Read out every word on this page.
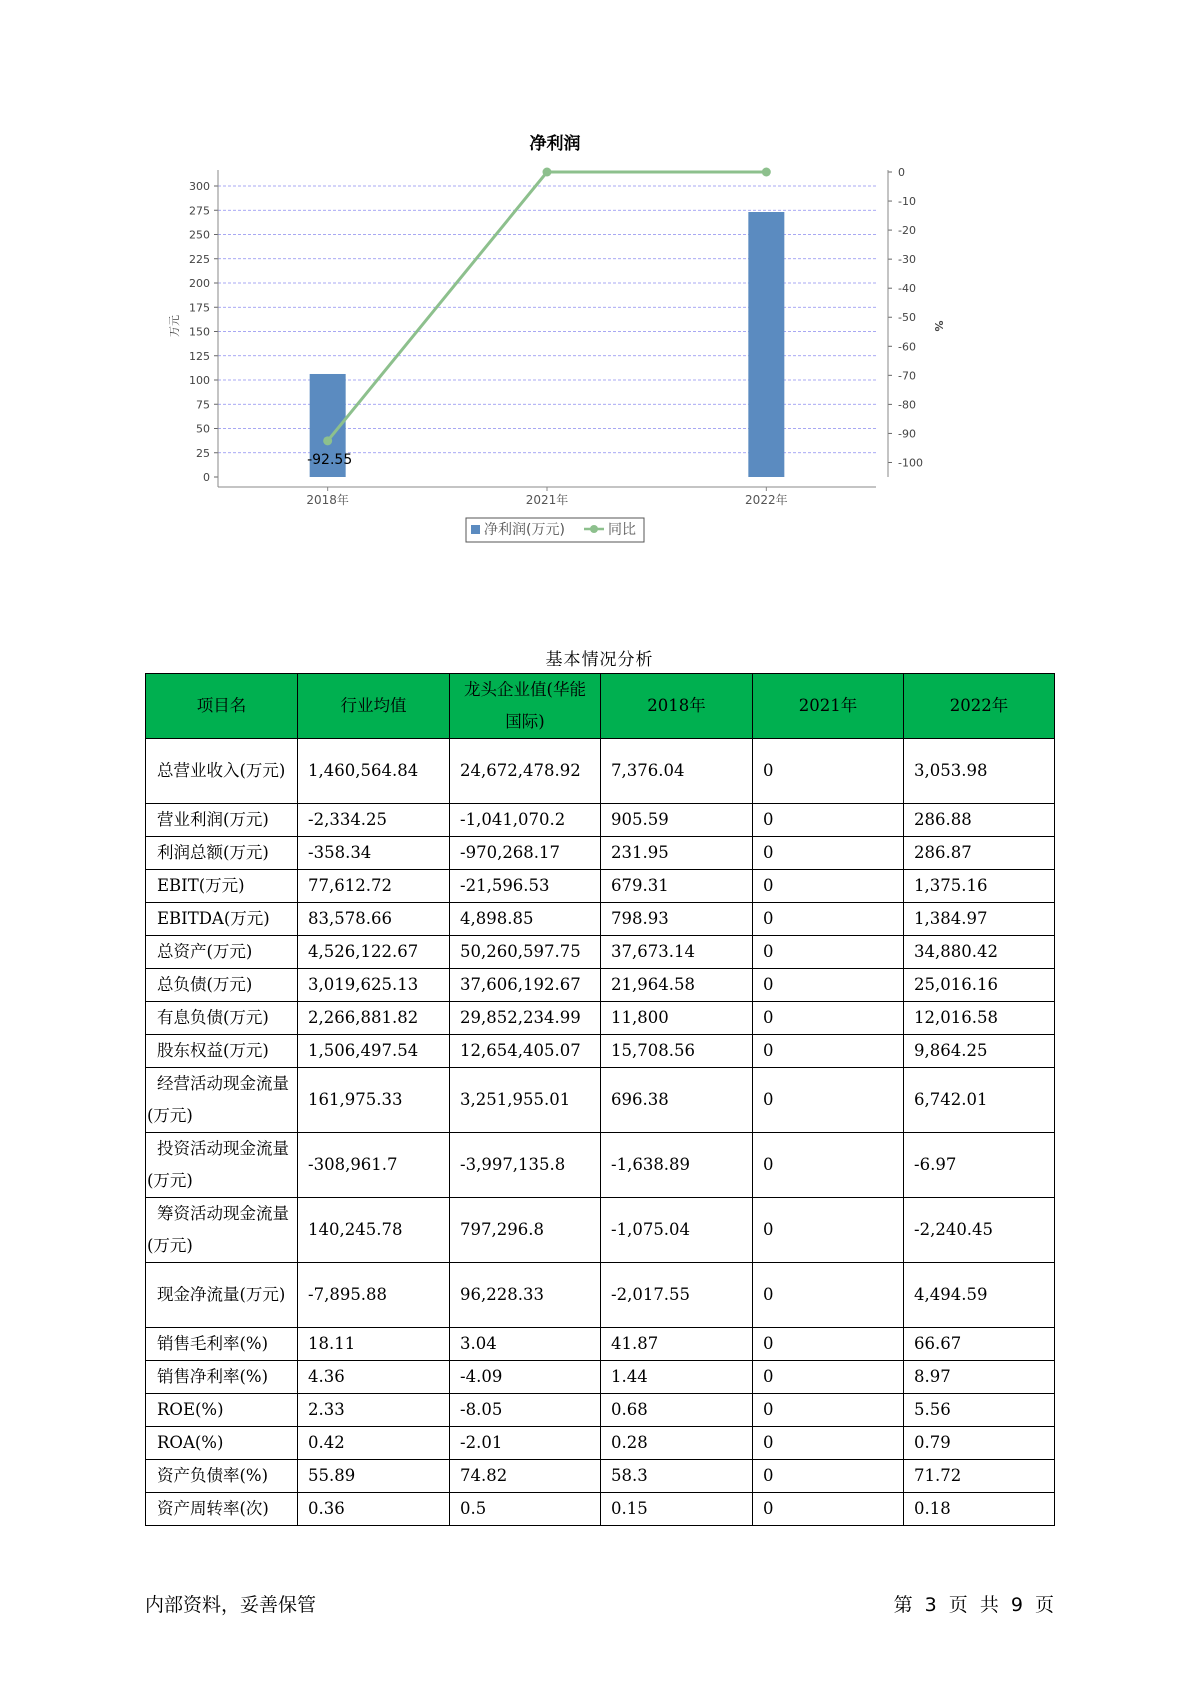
净利润
0
25
50
75
100
125
150
175
200
225
250
275
300
0
-10
-20
-30
-40
-50
-60
-70
-80
-90
-100
万元	%
2018年	2021年	2022年
-92.55
净利润(万元)	同比
基本情况分析
项目名	行业均值	龙头企业值(华能国际)	2018年	2021年	2022年
总营业收入(万元)	1,460,564.84	24,672,478.92	7,376.04	0	3,053.98
营业利润(万元)	-2,334.25	-1,041,070.2	905.59	0	286.88
利润总额(万元)	-358.34	-970,268.17	231.95	0	286.87
EBIT(万元)	77,612.72	-21,596.53	679.31	0	1,375.16
EBITDA(万元)	83,578.66	4,898.85	798.93	0	1,384.97
总资产(万元)	4,526,122.67	50,260,597.75	37,673.14	0	34,880.42
总负债(万元)	3,019,625.13	37,606,192.67	21,964.58	0	25,016.16
有息负债(万元)	2,266,881.82	29,852,234.99	11,800	0	12,016.58
股东权益(万元)	1,506,497.54	12,654,405.07	15,708.56	0	9,864.25
经营活动现金流量(万元)	161,975.33	3,251,955.01	696.38	0	6,742.01
投资活动现金流量(万元)	-308,961.7	-3,997,135.8	-1,638.89	0	-6.97
筹资活动现金流量(万元)	140,245.78	797,296.8	-1,075.04	0	-2,240.45
现金净流量(万元)	-7,895.88	96,228.33	-2,017.55	0	4,494.59
销售毛利率(%)	18.11	3.04	41.87	0	66.67
销售净利率(%)	4.36	-4.09	1.44	0	8.97
ROE(%)	2.33	-8.05	0.68	0	5.56
ROA(%)	0.42	-2.01	0.28	0	0.79
资产负债率(%)	55.89	74.82	58.3	0	71.72
资产周转率(次)	0.36	0.5	0.15	0	0.18
内部资料，妥善保管	第 3 页 共 9 页
